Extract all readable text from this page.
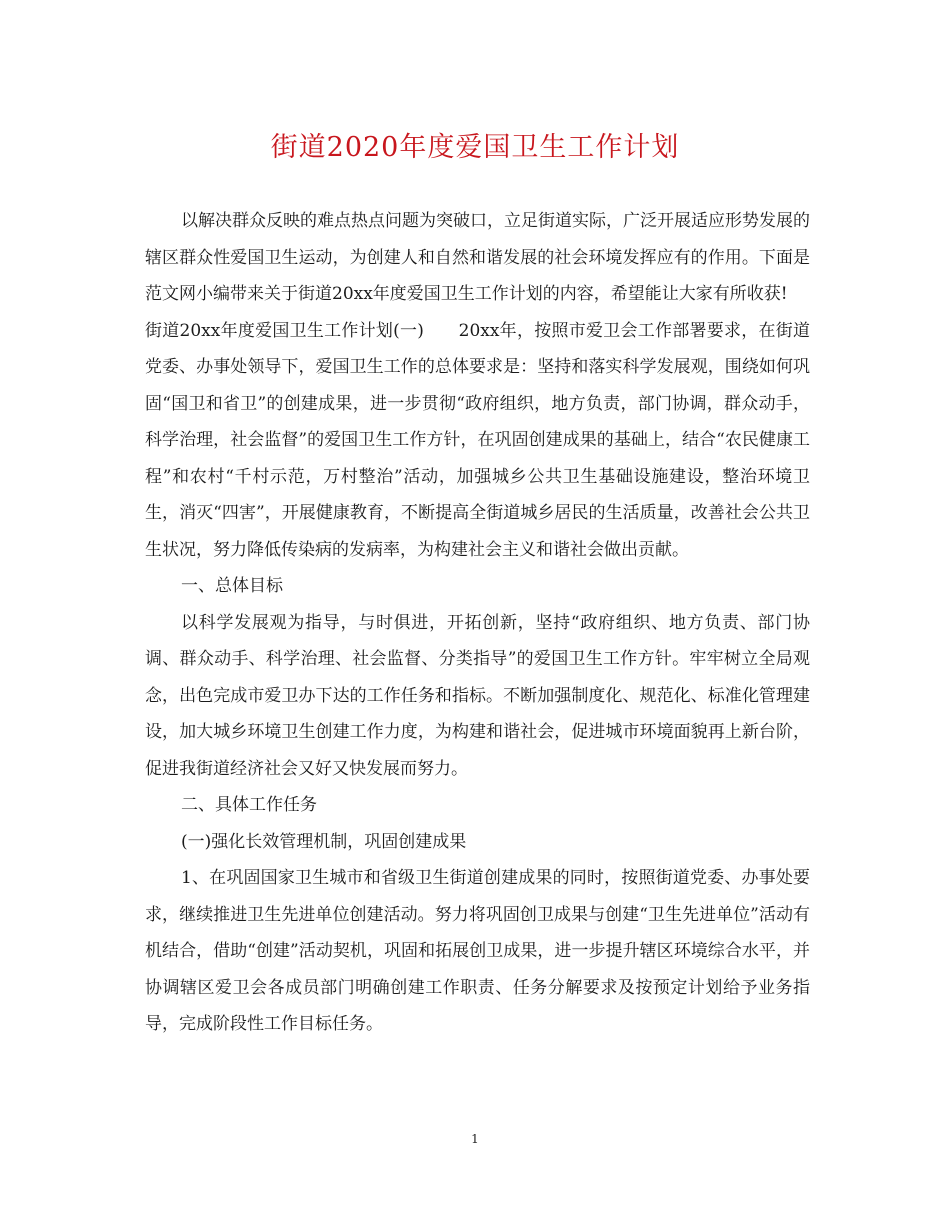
街道2020年度爱国卫生工作计划

以解决群众反映的难点热点问题为突破口，立足街道实际，广泛开展适应形势发展的辖区群众性爱国卫生运动，为创建人和自然和谐发展的社会环境发挥应有的作用。下面是范文网小编带来关于街道20xx年度爱国卫生工作计划的内容，希望能让大家有所收获!

街道20xx年度爱国卫生工作计划(一)　　20xx年，按照市爱卫会工作部署要求，在街道党委、办事处领导下，爱国卫生工作的总体要求是：坚持和落实科学发展观，围绕如何巩固“国卫和省卫”的创建成果，进一步贯彻“政府组织，地方负责，部门协调，群众动手，科学治理，社会监督”的爱国卫生工作方针，在巩固创建成果的基础上，结合“农民健康工程”和农村“千村示范，万村整治”活动，加强城乡公共卫生基础设施建设，整治环境卫生，消灭“四害”，开展健康教育，不断提高全街道城乡居民的生活质量，改善社会公共卫生状况，努力降低传染病的发病率，为构建社会主义和谐社会做出贡献。

一、总体目标

以科学发展观为指导，与时俱进，开拓创新，坚持“政府组织、地方负责、部门协调、群众动手、科学治理、社会监督、分类指导”的爱国卫生工作方针。牢牢树立全局观念，出色完成市爱卫办下达的工作任务和指标。不断加强制度化、规范化、标准化管理建设，加大城乡环境卫生创建工作力度，为构建和谐社会，促进城市环境面貌再上新台阶，促进我街道经济社会又好又快发展而努力。

二、具体工作任务

(一)强化长效管理机制，巩固创建成果

1、在巩固国家卫生城市和省级卫生街道创建成果的同时，按照街道党委、办事处要求，继续推进卫生先进单位创建活动。努力将巩固创卫成果与创建“卫生先进单位”活动有机结合，借助“创建”活动契机，巩固和拓展创卫成果，进一步提升辖区环境综合水平，并协调辖区爱卫会各成员部门明确创建工作职责、任务分解要求及按预定计划给予业务指导，完成阶段性工作目标任务。

1
